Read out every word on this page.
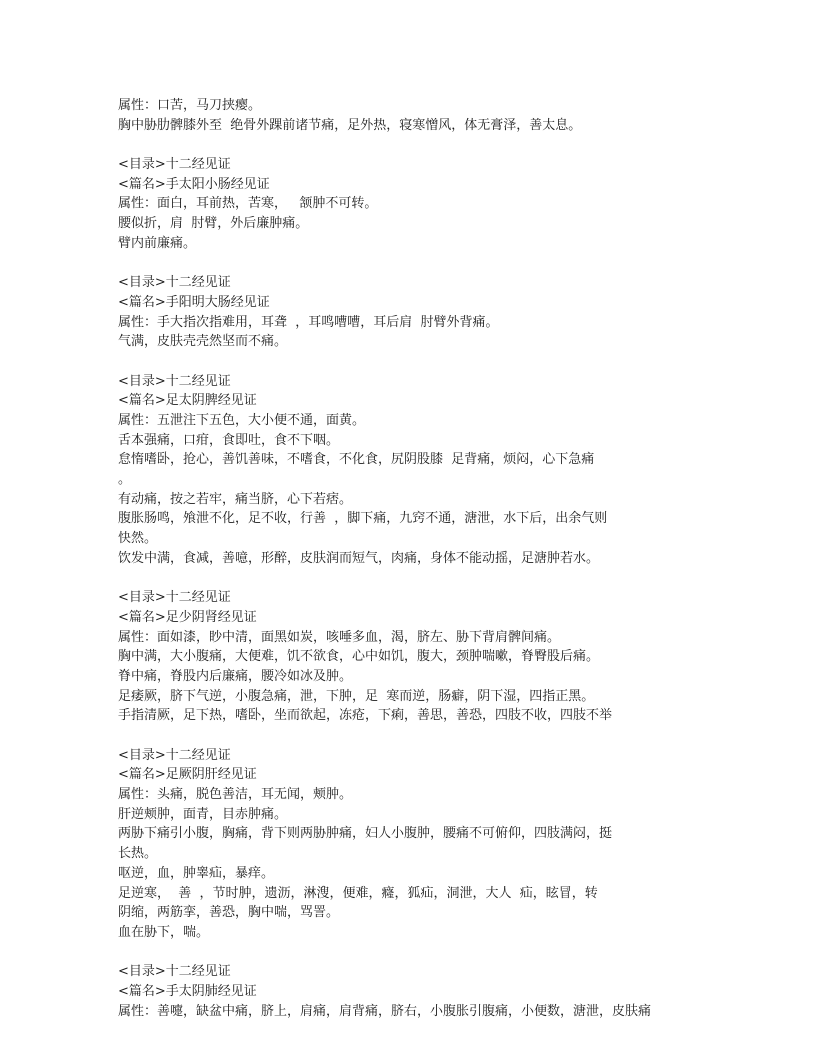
属性：口苦，马刀挟瘿。
胸中胁肋髀膝外至  绝骨外踝前诸节痛，足外热，寝寒憎风，体无膏泽，善太息。
<目录>十二经见证
<篇名>手太阳小肠经见证
属性：面白，耳前热，苦寒，   颔肿不可转。
腰似折，肩  肘臂，外后廉肿痛。
臂内前廉痛。
<目录>十二经见证
<篇名>手阳明大肠经见证
属性：手大指次指难用，耳聋  ，耳鸣嘈嘈，耳后肩  肘臂外背痛。
气满，皮肤壳壳然坚而不痛。
<目录>十二经见证
<篇名>足太阴脾经见证
属性：五泄注下五色，大小便不通，面黄。
舌本强痛，口疳，食即吐，食不下咽。
怠惰嗜卧，抢心，善饥善味，不嗜食，不化食，尻阴股膝  足背痛，烦闷，心下急痛
。
有动痛，按之若牢，痛当脐，心下若痞。
腹胀肠鸣，飧泄不化，足不收，行善  ，脚下痛，九窍不通，溏泄，水下后，出余气则
快然。
饮发中满，食减，善噫，形醉，皮肤润而短气，肉痛，身体不能动摇，足溏肿若水。
<目录>十二经见证
<篇名>足少阴肾经见证
属性：面如漆，眇中清，面黑如炭，咳唾多血，渴，脐左、胁下背肩髀间痛。
胸中满，大小腹痛，大便难，饥不欲食，心中如饥，腹大，颈肿喘嗽，脊臀股后痛。
脊中痛，脊股内后廉痛，腰冷如冰及肿。
足痿厥，脐下气逆，小腹急痛，泄，下肿，足  寒而逆，肠癖，阴下湿，四指正黑。
手指清厥，足下热，嗜卧，坐而欲起，冻疮，下痢，善思，善恐，四肢不收，四肢不举
<目录>十二经见证
<篇名>足厥阴肝经见证
属性：头痛，脱色善洁，耳无闻，颊肿。
肝逆颊肿，面青，目赤肿痛。
两胁下痛引小腹，胸痛，背下则两胁肿痛，妇人小腹肿，腰痛不可俯仰，四肢满闷，挺
长热。
呕逆，血，肿睾疝，暴痒。
足逆寒，  善  ，节时肿，遗沥，淋溲，便难，癃，狐疝，洞泄，大人  疝，眩冒，转
阴缩，两筋挛，善恐，胸中喘，骂詈。
血在胁下，喘。
<目录>十二经见证
<篇名>手太阴肺经见证
属性：善嚏，缺盆中痛，脐上，肩痛，肩背痛，脐右，小腹胀引腹痛，小便数，溏泄，皮肤痛
